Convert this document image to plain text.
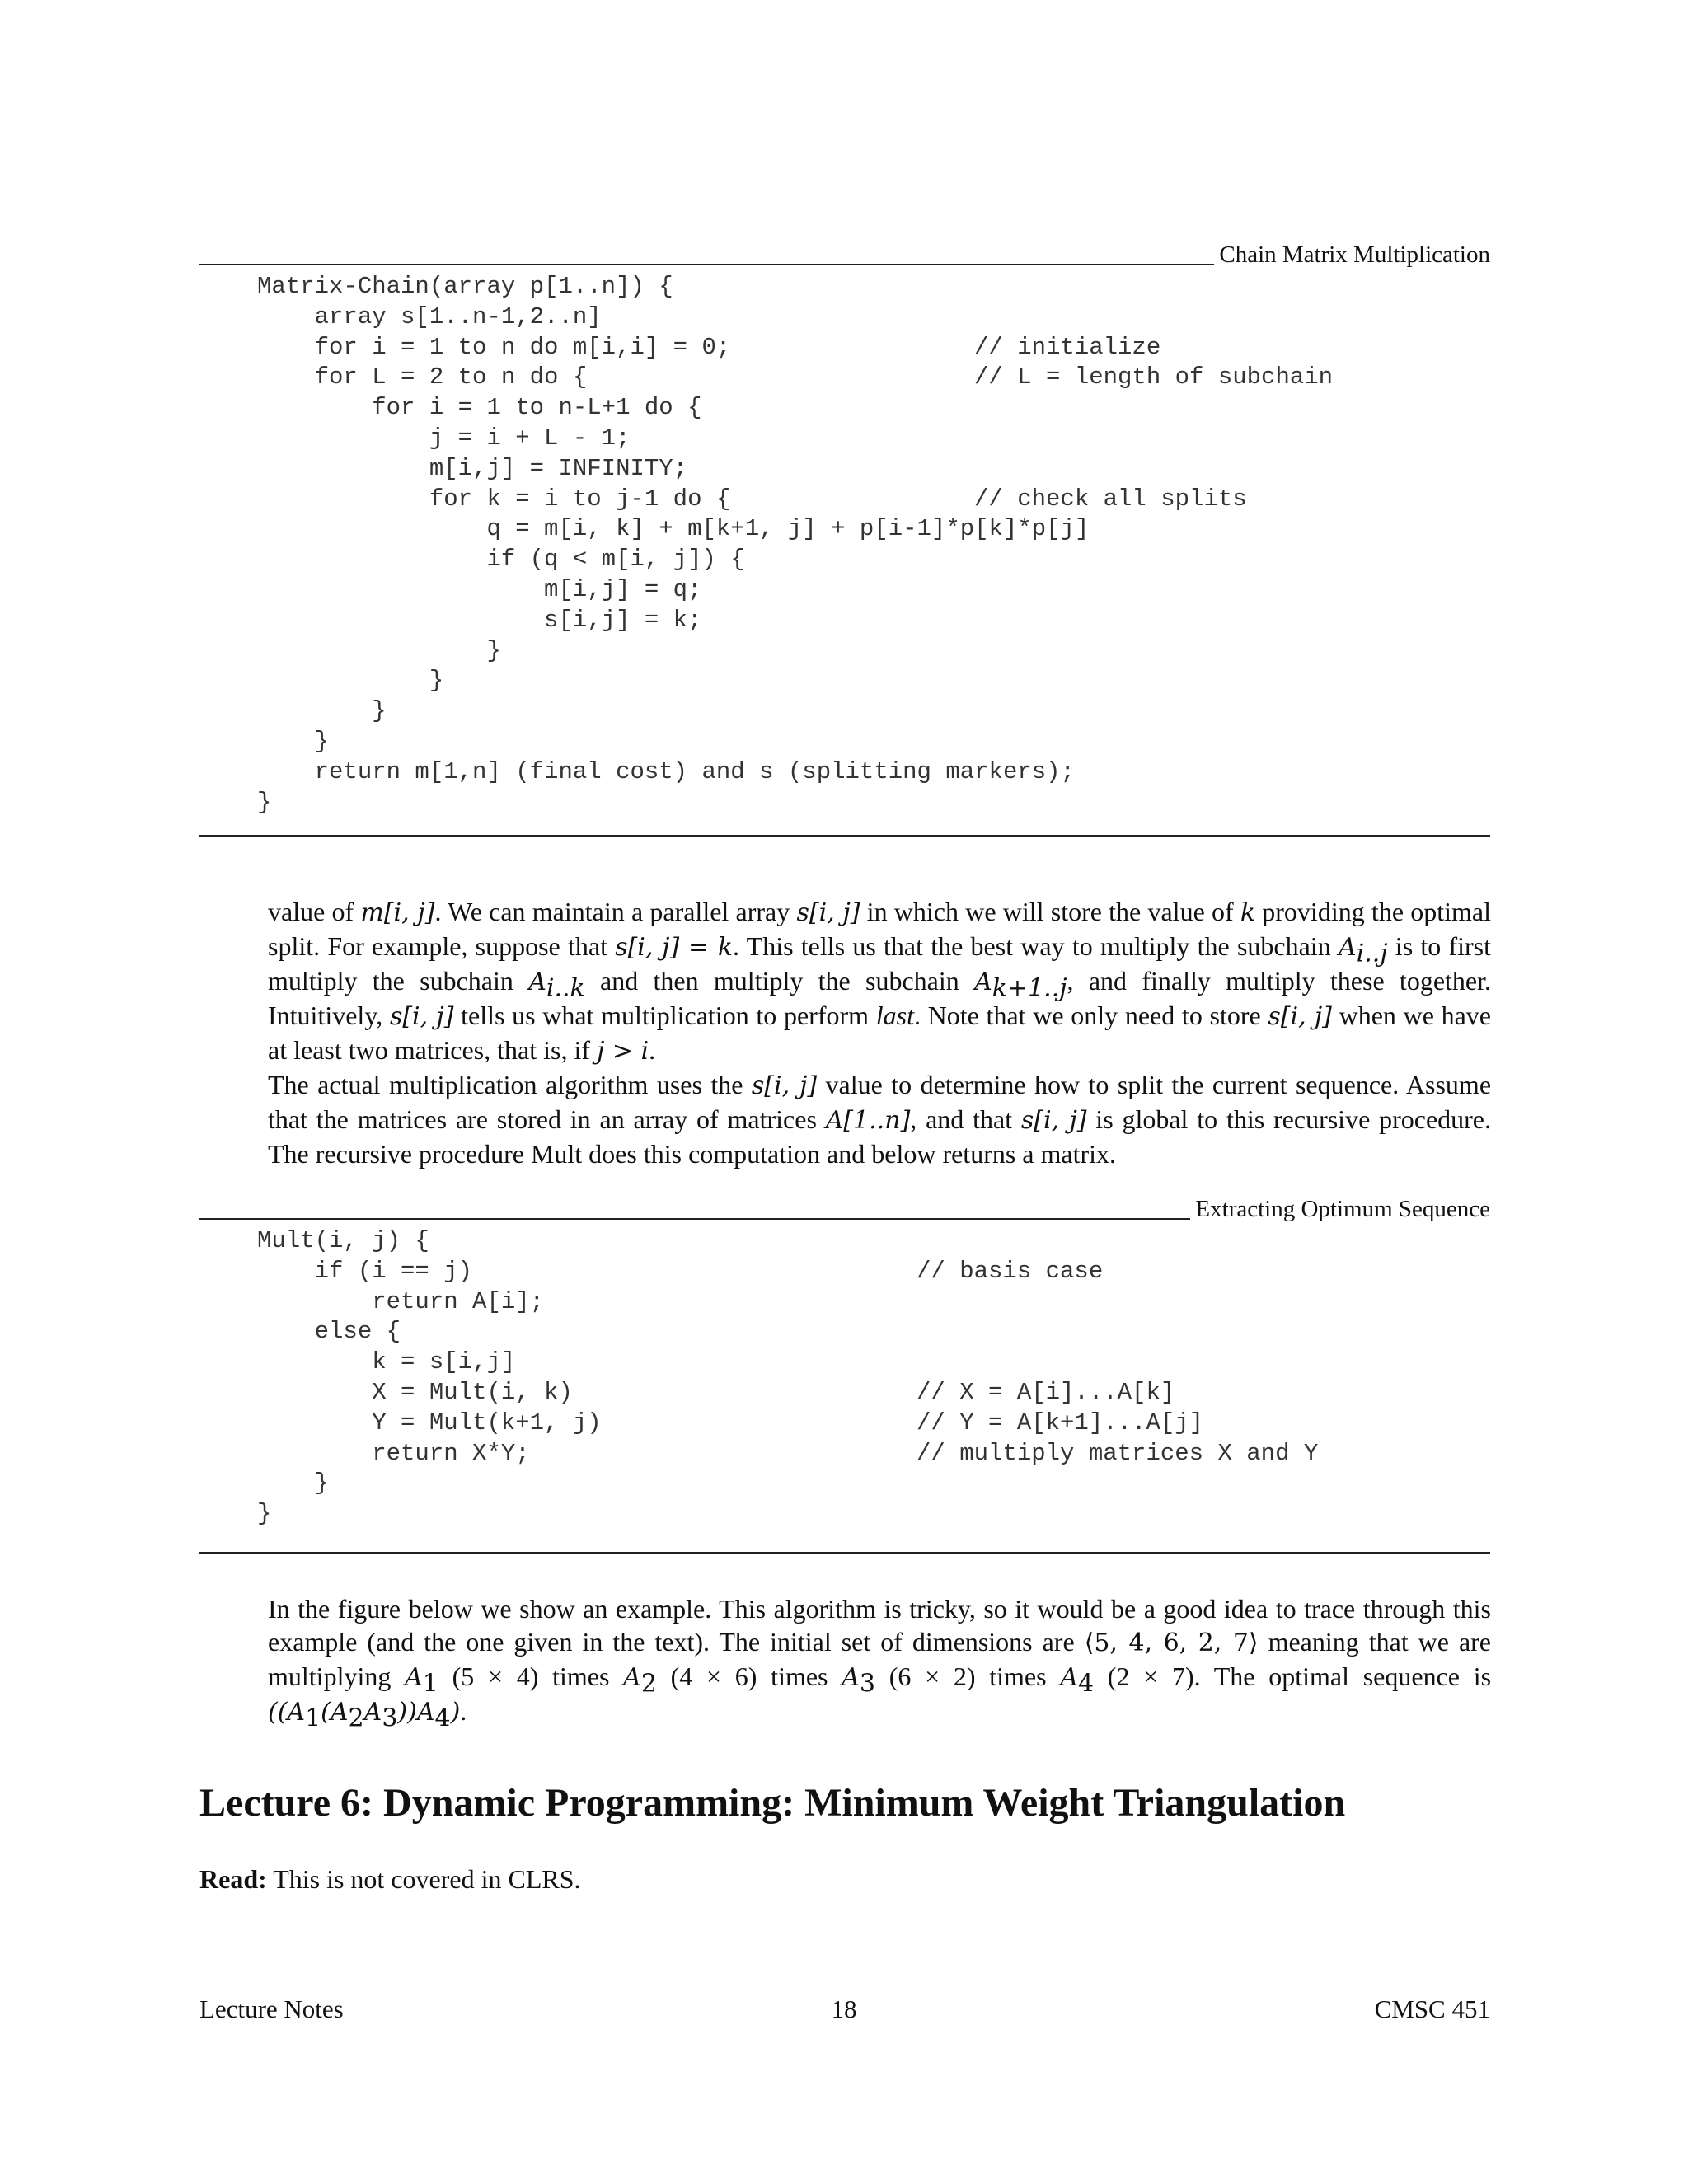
Chain Matrix Multiplication
Matrix-Chain(array p[1..n]) {
array s[1..n-1,2..n]
for i = 1 to n do m[i,i] = 0;	// initialize
for L = 2 to n do {	// L = length of subchain
for i = 1 to n-L+1 do {
j = i + L - 1;
m[i,j] = INFINITY;
for k = i to j-1 do {	// check all splits
q = m[i, k] + m[k+1, j] + p[i-1]*p[k]*p[j]
if (q < m[i, j]) {
m[i,j] = q;
s[i,j] = k;
}
}
}
}
return m[1,n] (final cost) and s (splitting markers);
}

value of m[i, j]. We can maintain a parallel array s[i, j] in which we will store the value of k providing the optimal split. For example, suppose that s[i, j] = k. This tells us that the best way to multiply the subchain $A_{i..j}$ is to first multiply the subchain $A_{i..k}$ and then multiply the subchain $A_{k+1..j}$, and finally multiply these together. Intuitively, s[i, j] tells us what multiplication to perform last. Note that we only need to store s[i, j] when we have at least two matrices, that is, if j > i.

The actual multiplication algorithm uses the s[i, j] value to determine how to split the current sequence. Assume that the matrices are stored in an array of matrices A[1..n], and that s[i, j] is global to this recursive procedure. The recursive procedure Mult does this computation and below returns a matrix.

Extracting Optimum Sequence
Mult(i, j) {
if (i == j)	// basis case
return A[i];
else {
k = s[i,j]
X = Mult(i, k)	// X = A[i]...A[k]
Y = Mult(k+1, j)	// Y = A[k+1]...A[j]
return X*Y;	// multiply matrices X and Y
}
}

In the figure below we show an example. This algorithm is tricky, so it would be a good idea to trace through this example (and the one given in the text). The initial set of dimensions are ⟨5, 4, 6, 2, 7⟩ meaning that we are multiplying $A_1$ (5 × 4) times $A_2$ (4 × 6) times $A_3$ (6 × 2) times $A_4$ (2 × 7). The optimal sequence is $((A_1(A_2A_3))A_4)$.

Lecture 6: Dynamic Programming: Minimum Weight Triangulation

Read: This is not covered in CLRS.

Lecture Notes	18	CMSC 451
